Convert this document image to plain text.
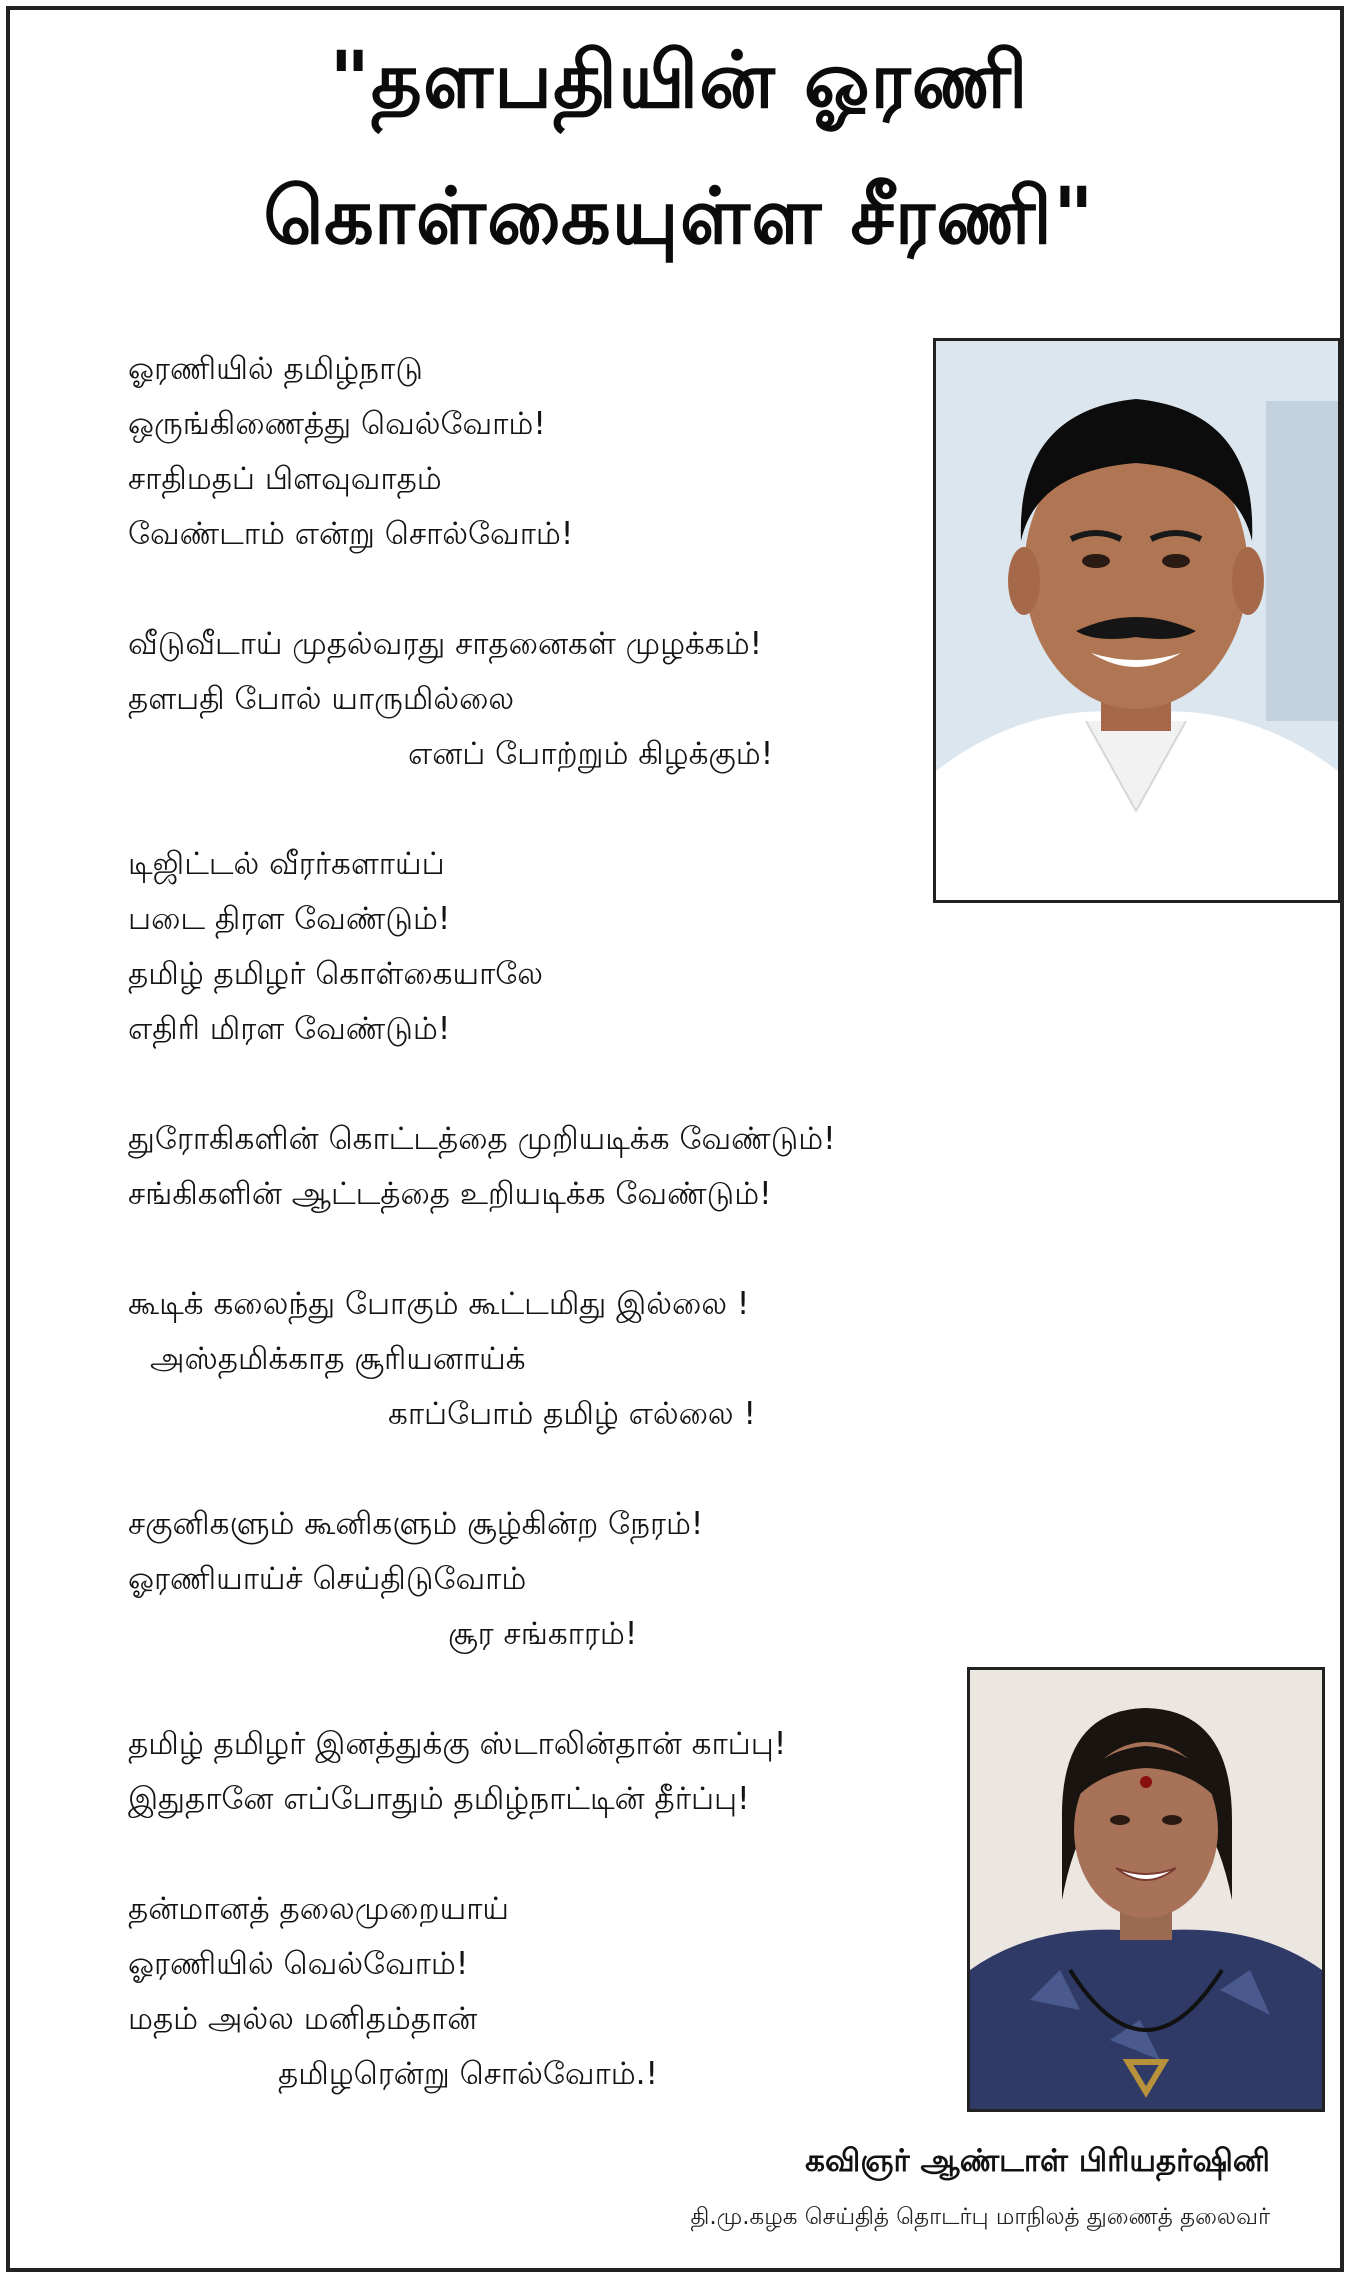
"தளபதியின் ஓரணி
கொள்கையுள்ள சீரணி"
ஓரணியில் தமிழ்நாடு
ஒருங்கிணைத்து வெல்வோம்!
சாதிமதப் பிளவுவாதம்
வேண்டாம் என்று சொல்வோம்!
வீடுவீடாய் முதல்வரது சாதனைகள் முழக்கம்!
தளபதி போல் யாருமில்லை
எனப் போற்றும் கிழக்கும்!
டிஜிட்டல் வீரர்களாய்ப்
படை திரள வேண்டும்!
தமிழ் தமிழர் கொள்கையாலே
எதிரி மிரள வேண்டும்!
துரோகிகளின் கொட்டத்தை முறியடிக்க வேண்டும்!
சங்கிகளின் ஆட்டத்தை உறியடிக்க வேண்டும்!
கூடிக் கலைந்து போகும் கூட்டமிது இல்லை !
அஸ்தமிக்காத சூரியனாய்க்
காப்போம் தமிழ் எல்லை !
சகுனிகளும் கூனிகளும் சூழ்கின்ற நேரம்!
ஓரணியாய்ச் செய்திடுவோம்
சூர சங்காரம்!
தமிழ் தமிழர் இனத்துக்கு ஸ்டாலின்தான் காப்பு!
இதுதானே எப்போதும் தமிழ்நாட்டின் தீர்ப்பு!
தன்மானத் தலைமுறையாய்
ஓரணியில் வெல்வோம்!
மதம் அல்ல மனிதம்தான்
தமிழரென்று சொல்வோம்.!
கவிஞர் ஆண்டாள் பிரியதர்ஷினி
தி.மு.கழக செய்தித் தொடர்பு மாநிலத் துணைத் தலைவர்
